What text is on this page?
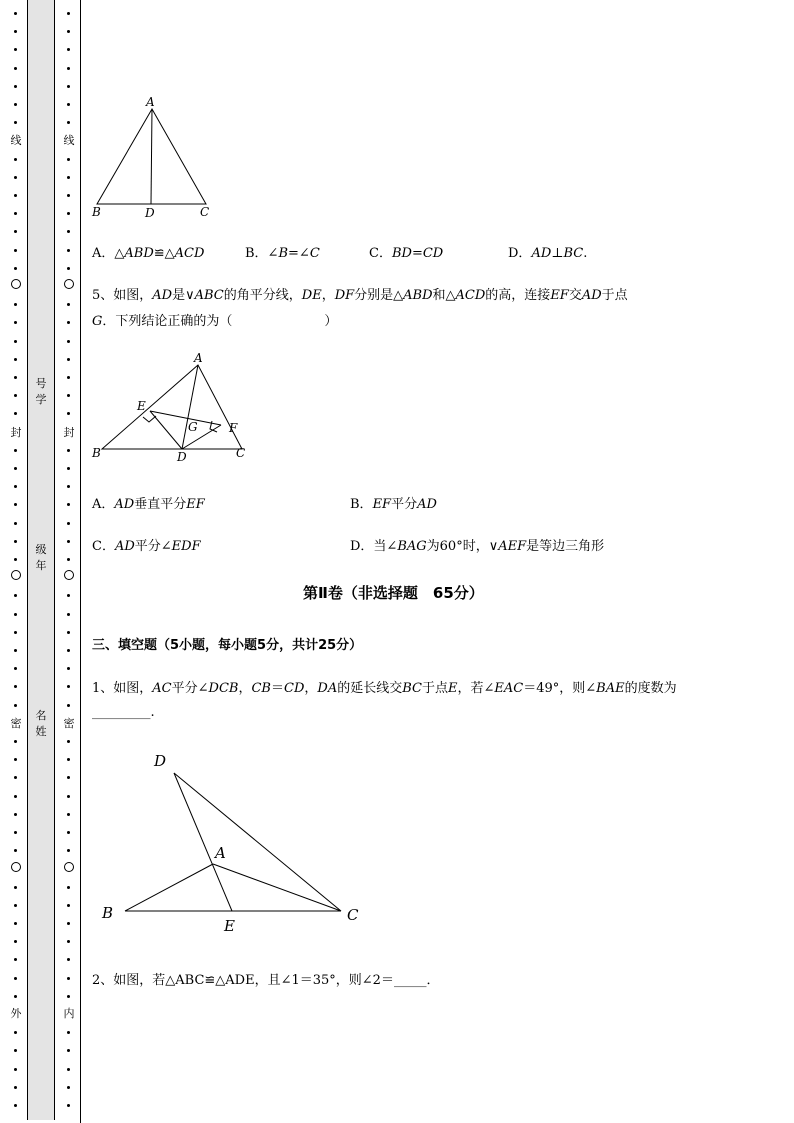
线
封
密
外
线
封
密
内
号学
级年
名姓
A
B	D	C
A．△ABD≌△ACD	B．∠B=∠C	C．BD=CD	D．AD⊥BC.
5、如图，AD是∨ABC的角平分线，DE，DF分别是△ABD和△ACD的高，连接EF交AD于点
G．下列结论正确的为（	）
A
B	C
D
E
F
G
A．AD垂直平分EF	B．EF平分AD
C．AD平分∠EDF	D．当∠BAG为60°时，∨AEF是等边三角形
第Ⅱ卷（非选择题　65分）
三、填空题（5小题，每小题5分，共计25分）
1、如图，AC平分∠DCB，CB＝CD，DA的延长线交BC于点E，若∠EAC＝49°，则∠BAE的度数为
_________.
D
A
B	C
E
2、如图，若△ABC≌△ADE，且∠1＝35°，则∠2＝_____．
